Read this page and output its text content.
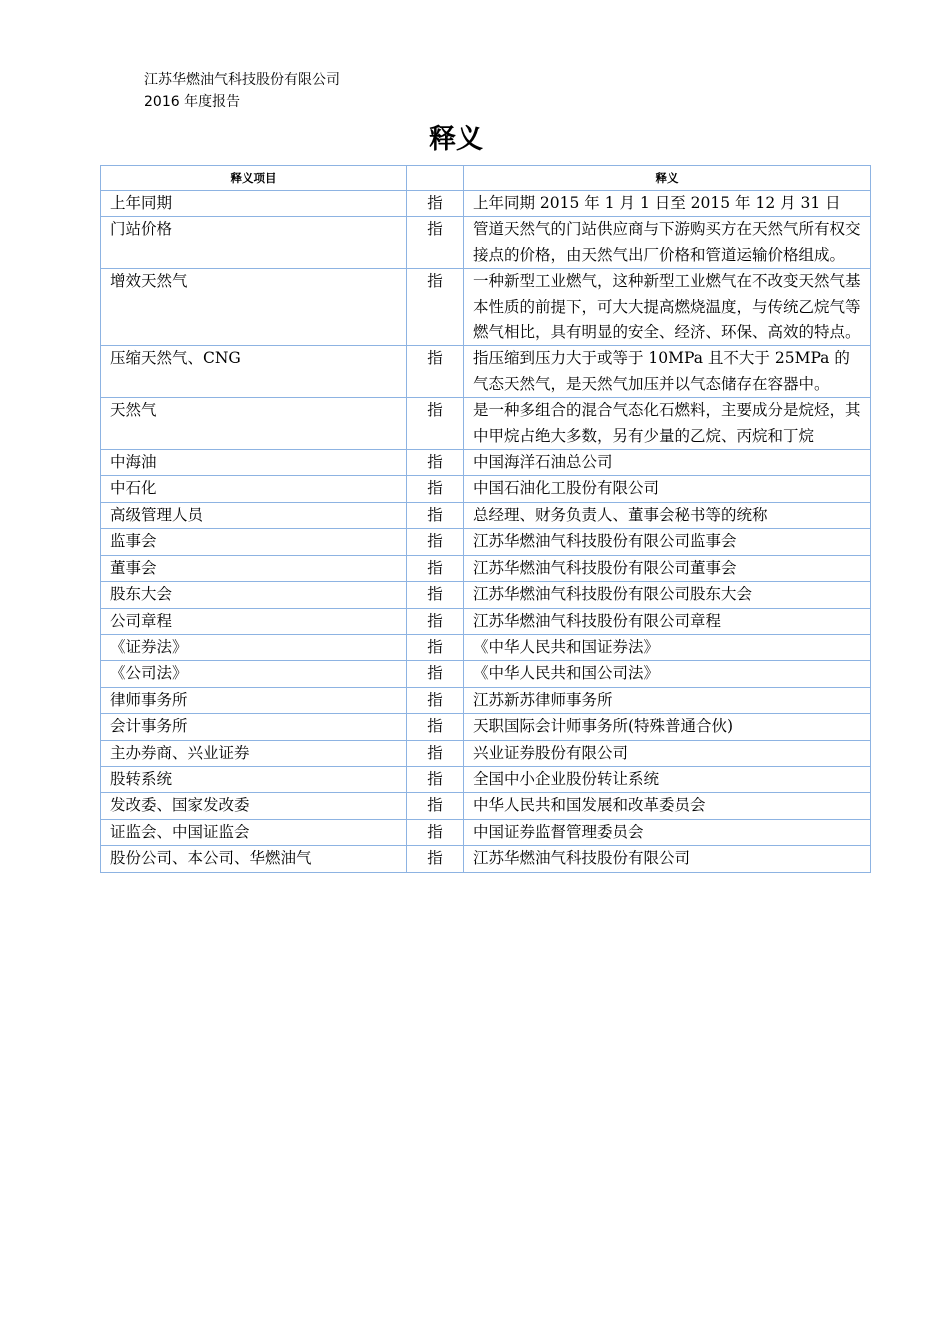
江苏华燃油气科技股份有限公司
2016 年度报告
释义
释义项目		释义
上年同期	指	上年同期 2015 年 1 月 1 日至 2015 年 12 月 31 日
门站价格	指	管道天然气的门站供应商与下游购买方在天然气所有权交接点的价格，由天然气出厂价格和管道运输价格组成。
增效天然气	指	一种新型工业燃气，这种新型工业燃气在不改变天然气基本性质的前提下，可大大提高燃烧温度，与传统乙烷气等燃气相比，具有明显的安全、经济、环保、高效的特点。
压缩天然气、CNG	指	指压缩到压力大于或等于 10MPa 且不大于 25MPa 的气态天然气，是天然气加压并以气态储存在容器中。
天然气	指	是一种多组合的混合气态化石燃料，主要成分是烷烃，其中甲烷占绝大多数，另有少量的乙烷、丙烷和丁烷
中海油	指	中国海洋石油总公司
中石化	指	中国石油化工股份有限公司
高级管理人员	指	总经理、财务负责人、董事会秘书等的统称
监事会	指	江苏华燃油气科技股份有限公司监事会
董事会	指	江苏华燃油气科技股份有限公司董事会
股东大会	指	江苏华燃油气科技股份有限公司股东大会
公司章程	指	江苏华燃油气科技股份有限公司章程
《证券法》	指	《中华人民共和国证券法》
《公司法》	指	《中华人民共和国公司法》
律师事务所	指	江苏新苏律师事务所
会计事务所	指	天职国际会计师事务所(特殊普通合伙)
主办券商、兴业证券	指	兴业证券股份有限公司
股转系统	指	全国中小企业股份转让系统
发改委、国家发改委	指	中华人民共和国发展和改革委员会
证监会、中国证监会	指	中国证券监督管理委员会
股份公司、本公司、华燃油气	指	江苏华燃油气科技股份有限公司
